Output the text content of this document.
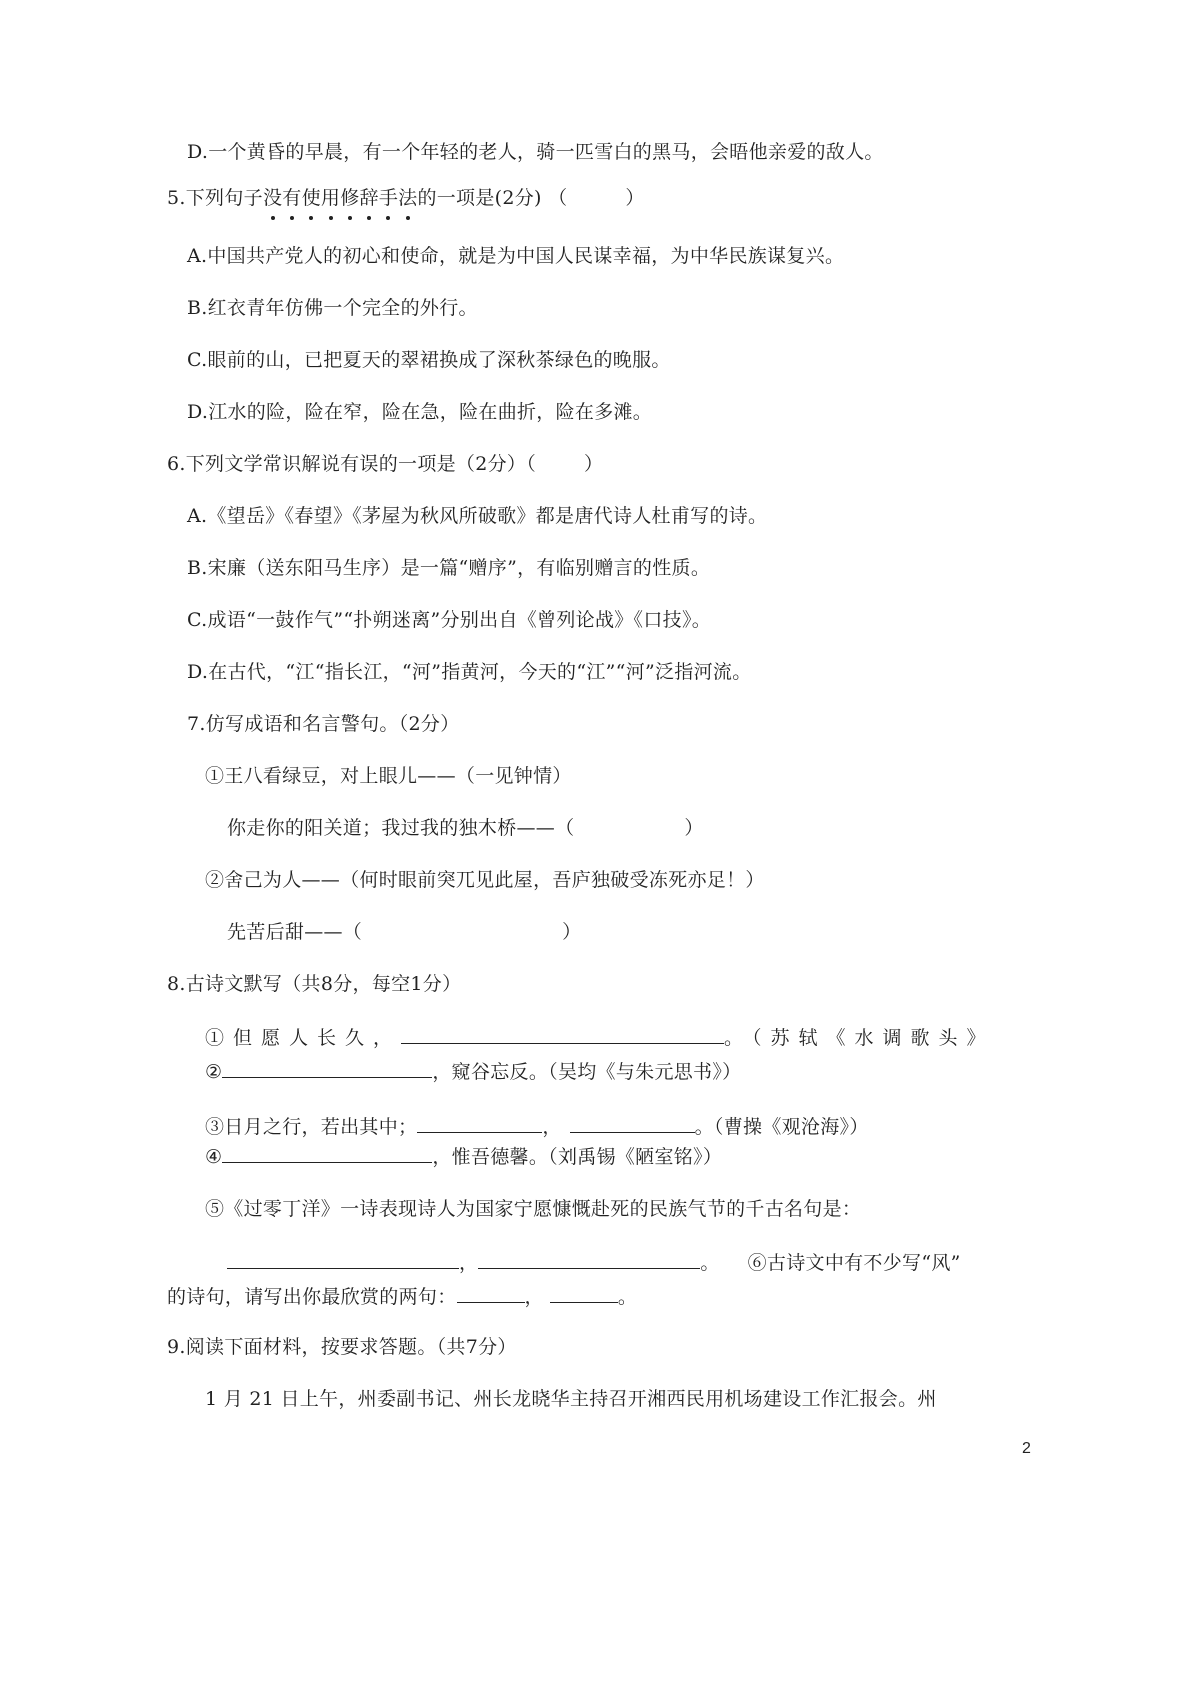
D.一个黄昏的早晨，有一个年轻的老人，骑一匹雪白的黑马，会晤他亲爱的敌人。
5.下列句子没有使用修辞手法的一项是(2分) （	）
A.中国共产党人的初心和使命，就是为中国人民谋幸福，为中华民族谋复兴。
B.红衣青年仿佛一个完全的外行。
C.眼前的山，已把夏天的翠裙换成了深秋茶绿色的晚服。
D.江水的险，险在窄，险在急，险在曲折，险在多滩。
6.下列文学常识解说有误的一项是（2分）（	）
A.《望岳》《春望》《茅屋为秋风所破歌》都是唐代诗人杜甫写的诗。
B.宋廉（送东阳马生序）是一篇“赠序”，有临别赠言的性质。
C.成语“一鼓作气”“扑朔迷离”分别出自《曾列论战》《口技》。
D.在古代，“江“指长江，“河”指黄河，今天的“江”“河”泛指河流。
7.仿写成语和名言警句。（2分）
①王八看绿豆，对上眼儿——（一见钟情）
你走你的阳关道；我过我的独木桥——（	）
②舍己为人——（何时眼前突兀见此屋，吾庐独破受冻死亦足！）
先苦后甜——（	）
8.古诗文默写（共8分，每空1分）
①但愿人长久，	。（苏轼《水调歌头》
②	，窥谷忘反。（吴均《与朱元思书》）
③日月之行，若出其中；	，	。（曹操《观沧海》）
④	，惟吾德馨。（刘禹锡《陋室铭》）
⑤《过零丁洋》一诗表现诗人为国家宁愿慷慨赴死的民族气节的千古名句是：
，	。 ⑥古诗文中有不少写“风”
的诗句，请写出你最欣赏的两句：	，	。
9.阅读下面材料，按要求答题。（共7分）
1 月 21 日上午，州委副书记、州长龙晓华主持召开湘西民用机场建设工作汇报会。州
2
